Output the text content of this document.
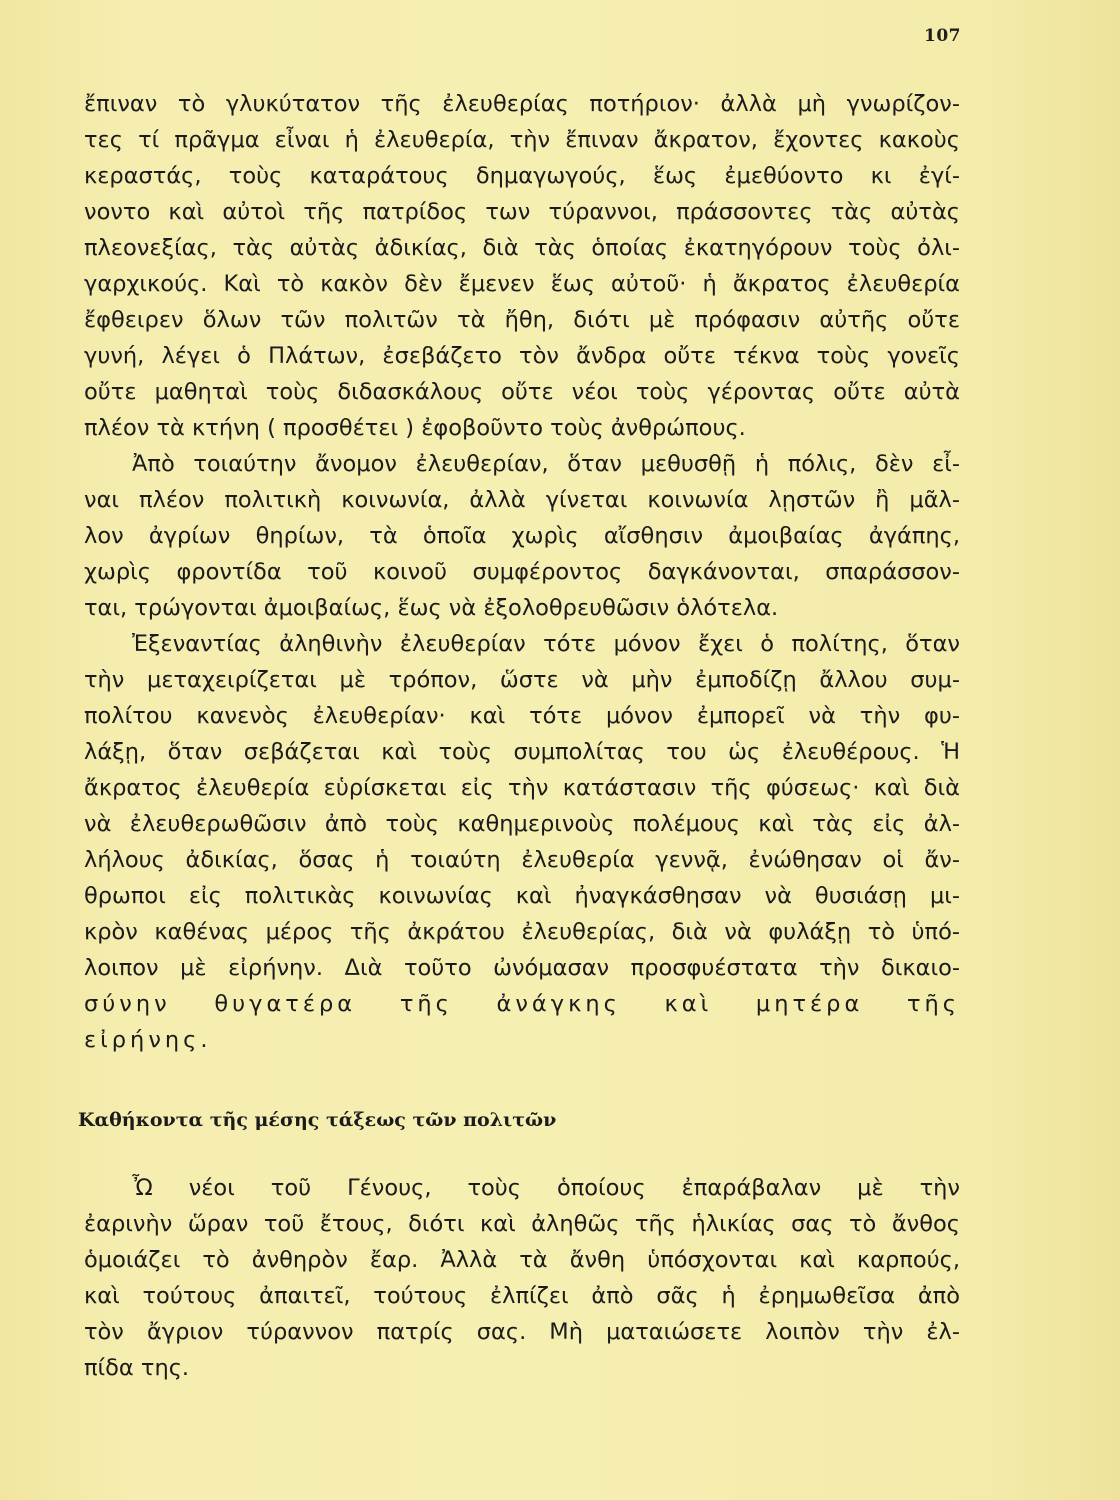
107
ἔπιναν τὸ γλυκύτατον τῆς ἐλευθερίας ποτήριον· ἀλλὰ μὴ γνωρίζον-
τες τί πρᾶγμα εἶναι ἡ ἐλευθερία, τὴν ἔπιναν ἄκρατον, ἔχοντες κακοὺς
κεραστάς, τοὺς καταράτους δημαγωγούς, ἕως ἐμεθύοντο κι ἐγί-
νοντο καὶ αὐτοὶ τῆς πατρίδος των τύραννοι, πράσσοντες τὰς αὐτὰς
πλεονεξίας, τὰς αὐτὰς ἀδικίας, διὰ τὰς ὁποίας ἐκατηγόρουν τοὺς ὀλι-
γαρχικούς. Καὶ τὸ κακὸν δὲν ἔμενεν ἕως αὐτοῦ· ἡ ἄκρατος ἐλευθερία
ἔφθειρεν ὅλων τῶν πολιτῶν τὰ ἤθη, διότι μὲ πρόφασιν αὐτῆς οὔτε
γυνή, λέγει ὁ Πλάτων, ἐσεβάζετο τὸν ἄνδρα οὔτε τέκνα τοὺς γονεῖς
οὔτε μαθηταὶ τοὺς διδασκάλους οὔτε νέοι τοὺς γέροντας οὔτε αὐτὰ
πλέον τὰ κτήνη ( προσθέτει ) ἐφοβοῦντο τοὺς ἀνθρώπους.
Ἀπὸ τοιαύτην ἄνομον ἐλευθερίαν, ὅταν μεθυσθῇ ἡ πόλις, δὲν εἶ-
ναι πλέον πολιτικὴ κοινωνία, ἀλλὰ γίνεται κοινωνία λῃστῶν ἢ μᾶλ-
λον ἀγρίων θηρίων, τὰ ὁποῖα χωρὶς αἴσθησιν ἀμοιβαίας ἀγάπης,
χωρὶς φροντίδα τοῦ κοινοῦ συμφέροντος δαγκάνονται, σπαράσσον-
ται, τρώγονται ἀμοιβαίως, ἕως νὰ ἐξολοθρευθῶσιν ὁλότελα.
Ἐξεναντίας ἀληθινὴν ἐλευθερίαν τότε μόνον ἔχει ὁ πολίτης, ὅταν
τὴν μεταχειρίζεται μὲ τρόπον, ὥστε νὰ μὴν ἐμποδίζῃ ἄλλου συμ-
πολίτου κανενὸς ἐλευθερίαν· καὶ τότε μόνον ἐμπορεῖ νὰ τὴν φυ-
λάξῃ, ὅταν σεβάζεται καὶ τοὺς συμπολίτας του ὡς ἐλευθέρους. Ἡ
ἄκρατος ἐλευθερία εὑρίσκεται εἰς τὴν κατάστασιν τῆς φύσεως· καὶ διὰ
νὰ ἐλευθερωθῶσιν ἀπὸ τοὺς καθημερινοὺς πολέμους καὶ τὰς εἰς ἀλ-
λήλους ἀδικίας, ὅσας ἡ τοιαύτη ἐλευθερία γεννᾷ, ἐνώθησαν οἱ ἄν-
θρωποι εἰς πολιτικὰς κοινωνίας καὶ ἠναγκάσθησαν νὰ θυσιάσῃ μι-
κρὸν καθένας μέρος τῆς ἀκράτου ἐλευθερίας, διὰ νὰ φυλάξῃ τὸ ὑπό-
λοιπον μὲ εἰρήνην. Διὰ τοῦτο ὠνόμασαν προσφυέστατα τὴν δικαιο-
σύνην θυγατέρα τῆς ἀνάγκης καὶ μητέρα τῆς
εἰρήνης.
Καθήκοντα τῆς μέσης τάξεως τῶν πολιτῶν
Ὦ νέοι τοῦ Γένους, τοὺς ὁποίους ἐπαράβαλαν μὲ τὴν
ἐαρινὴν ὥραν τοῦ ἔτους, διότι καὶ ἀληθῶς τῆς ἡλικίας σας τὸ ἄνθος
ὁμοιάζει τὸ ἀνθηρὸν ἔαρ. Ἀλλὰ τὰ ἄνθη ὑπόσχονται καὶ καρπούς,
καὶ τούτους ἀπαιτεῖ, τούτους ἐλπίζει ἀπὸ σᾶς ἡ ἐρημωθεῖσα ἀπὸ
τὸν ἄγριον τύραννον πατρίς σας. Μὴ ματαιώσετε λοιπὸν τὴν ἐλ-
πίδα της.
